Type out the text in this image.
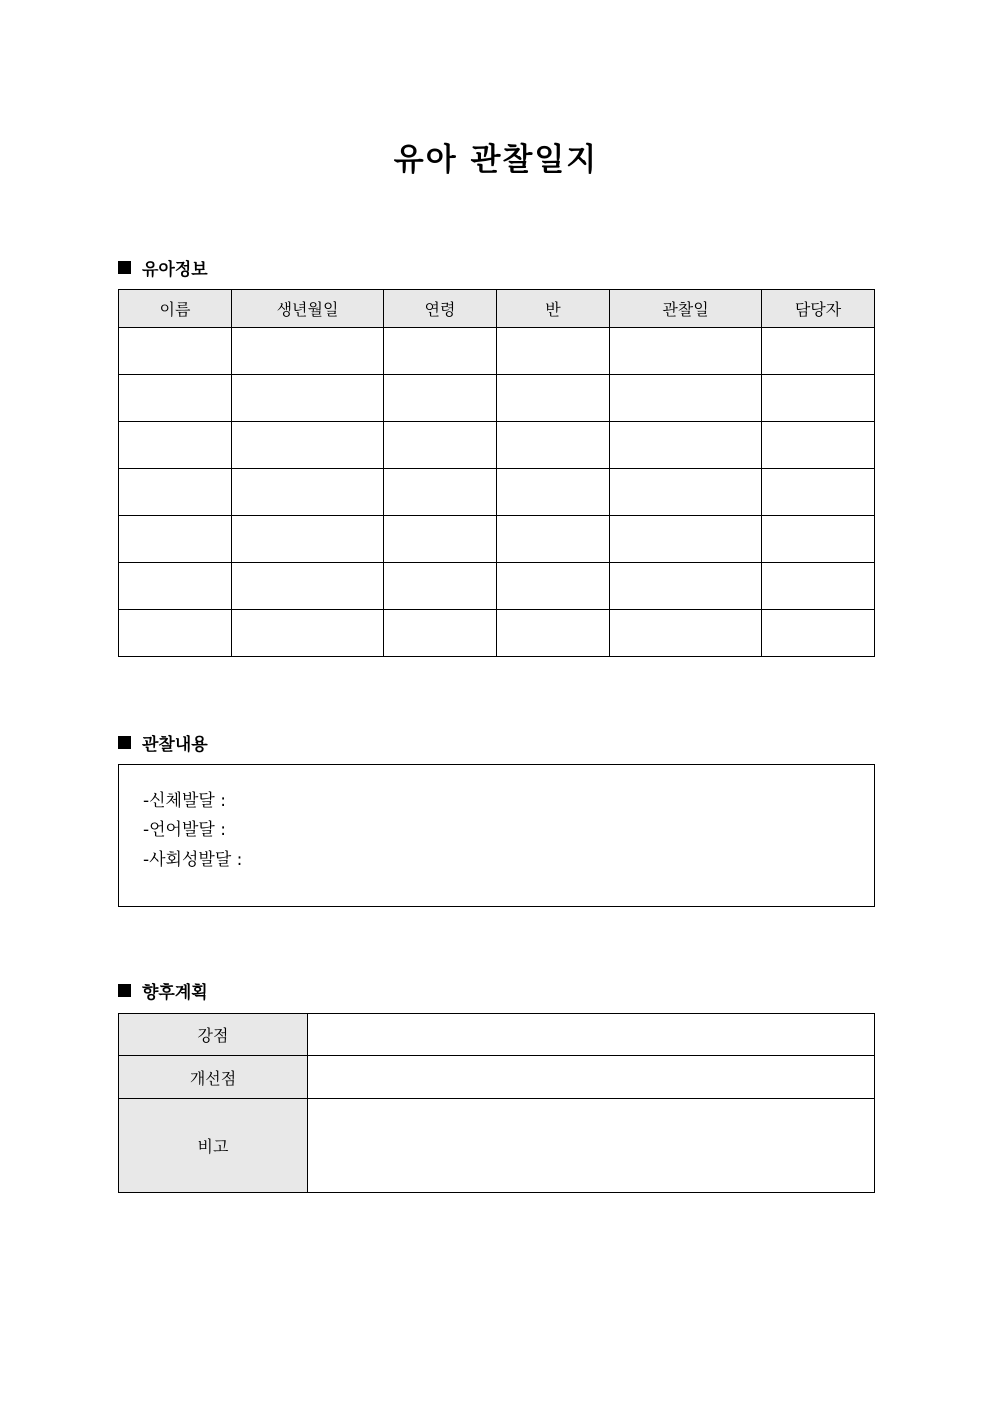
유아 관찰일지
유아정보
이름	생년월일	연령	반	관찰일	담당자

관찰내용
-신체발달 :
-언어발달 :
-사회성발달 :
향후계획
강점	
개선점	
비고	
